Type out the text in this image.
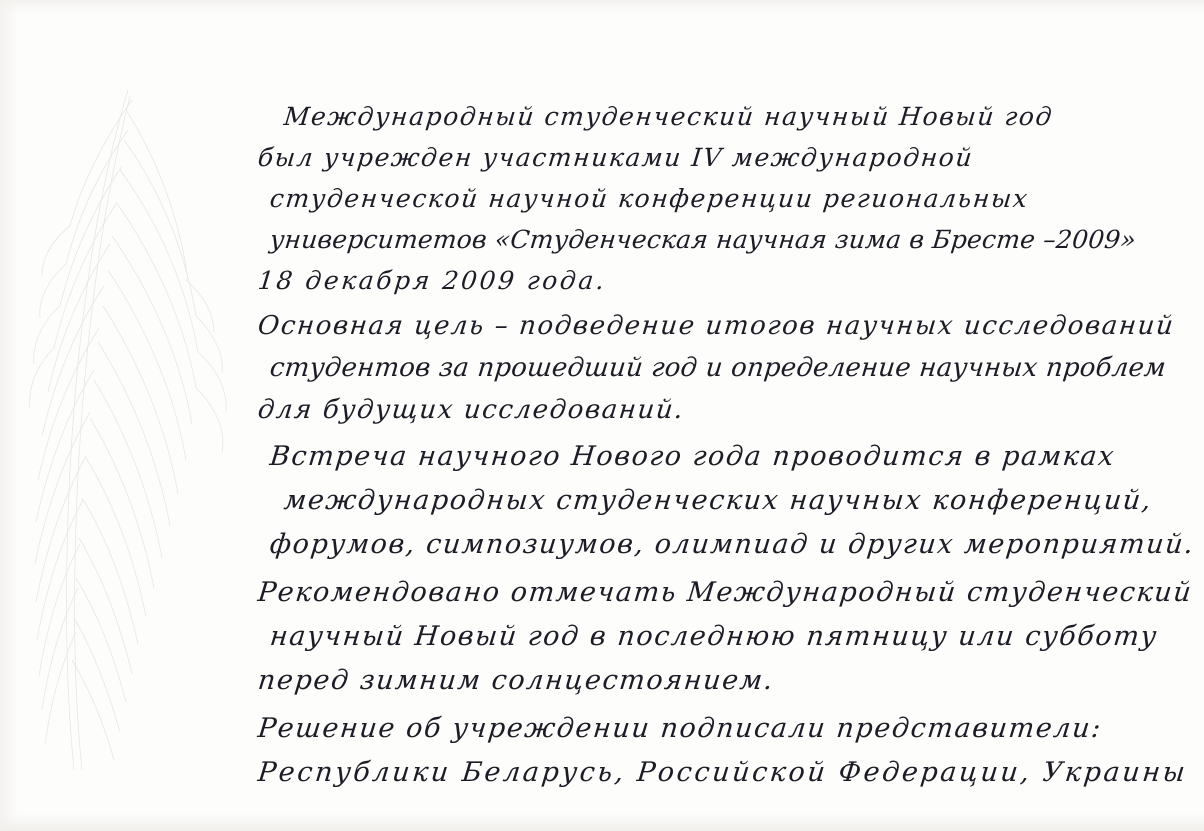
Международный студенческий научный Новый год
был учрежден участниками IV международной
студенческой научной конференции региональных
университетов «Студенческая научная зима в Бресте –2009»
18 декабря 2009 года.
Основная цель – подведение итогов научных исследований
студентов за прошедший год и определение научных проблем
для будущих исследований.
Встреча научного Нового года проводится в рамках
международных студенческих научных конференций,
форумов, симпозиумов, олимпиад и других мероприятий.
Рекомендовано отмечать Международный студенческий
научный Новый год в последнюю пятницу или субботу
перед зимним солнцестоянием.
Решение об учреждении подписали представители:
Республики Беларусь, Российской Федерации, Украины
